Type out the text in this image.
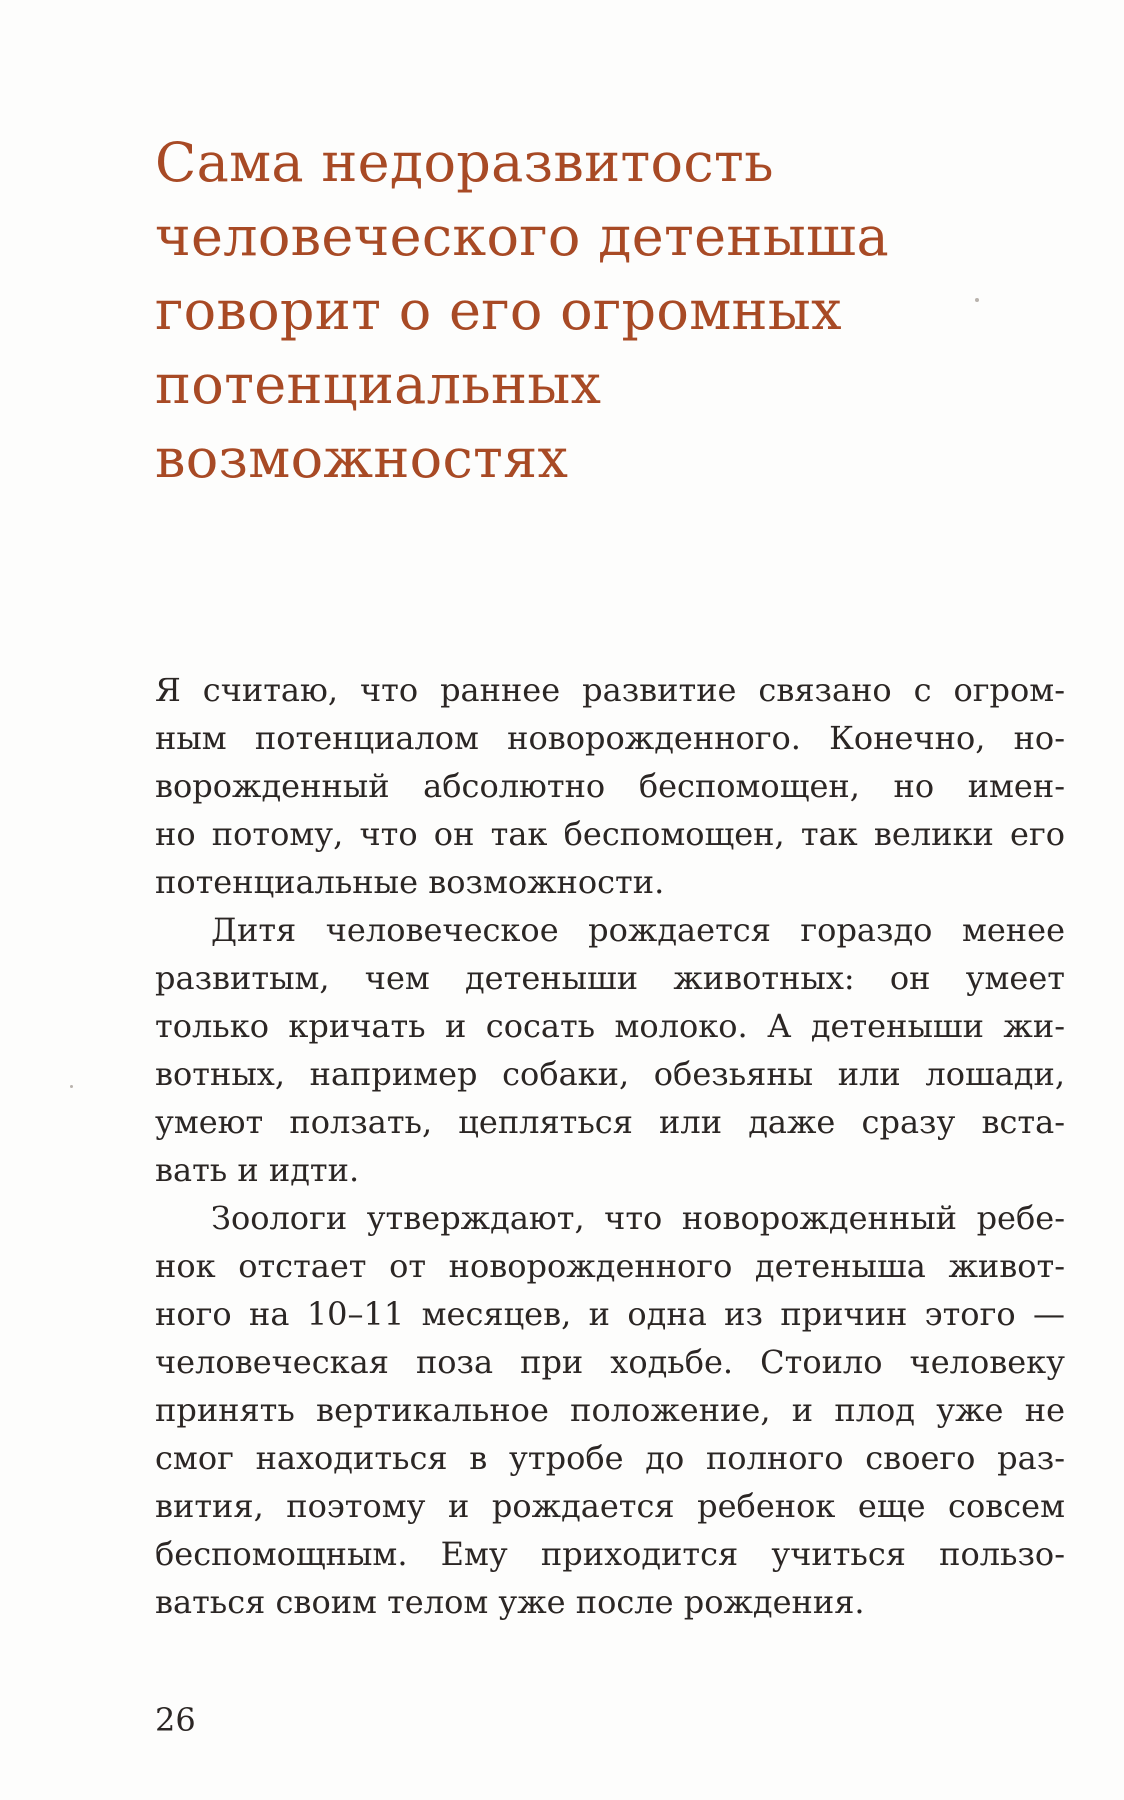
Сама недоразвитость
человеческого детеныша
говорит о его огромных
потенциальных
возможностях
Я считаю, что раннее развитие связано с огром-
ным потенциалом новорожденного. Конечно, но-
ворожденный абсолютно беспомощен, но имен-
но потому, что он так беспомощен, так велики его
потенциальные возможности.
Дитя человеческое рождается гораздо менее
развитым, чем детеныши животных: он умеет
только кричать и сосать молоко. А детеныши жи-
вотных, например собаки, обезьяны или лошади,
умеют ползать, цепляться или даже сразу вста-
вать и идти.
Зоологи утверждают, что новорожденный ребе-
нок отстает от новорожденного детеныша живот-
ного на 10–11 месяцев, и одна из причин этого —
человеческая поза при ходьбе. Стоило человеку
принять вертикальное положение, и плод уже не
смог находиться в утробе до полного своего раз-
вития, поэтому и рождается ребенок еще совсем
беспомощным. Ему приходится учиться пользо-
ваться своим телом уже после рождения.
26
